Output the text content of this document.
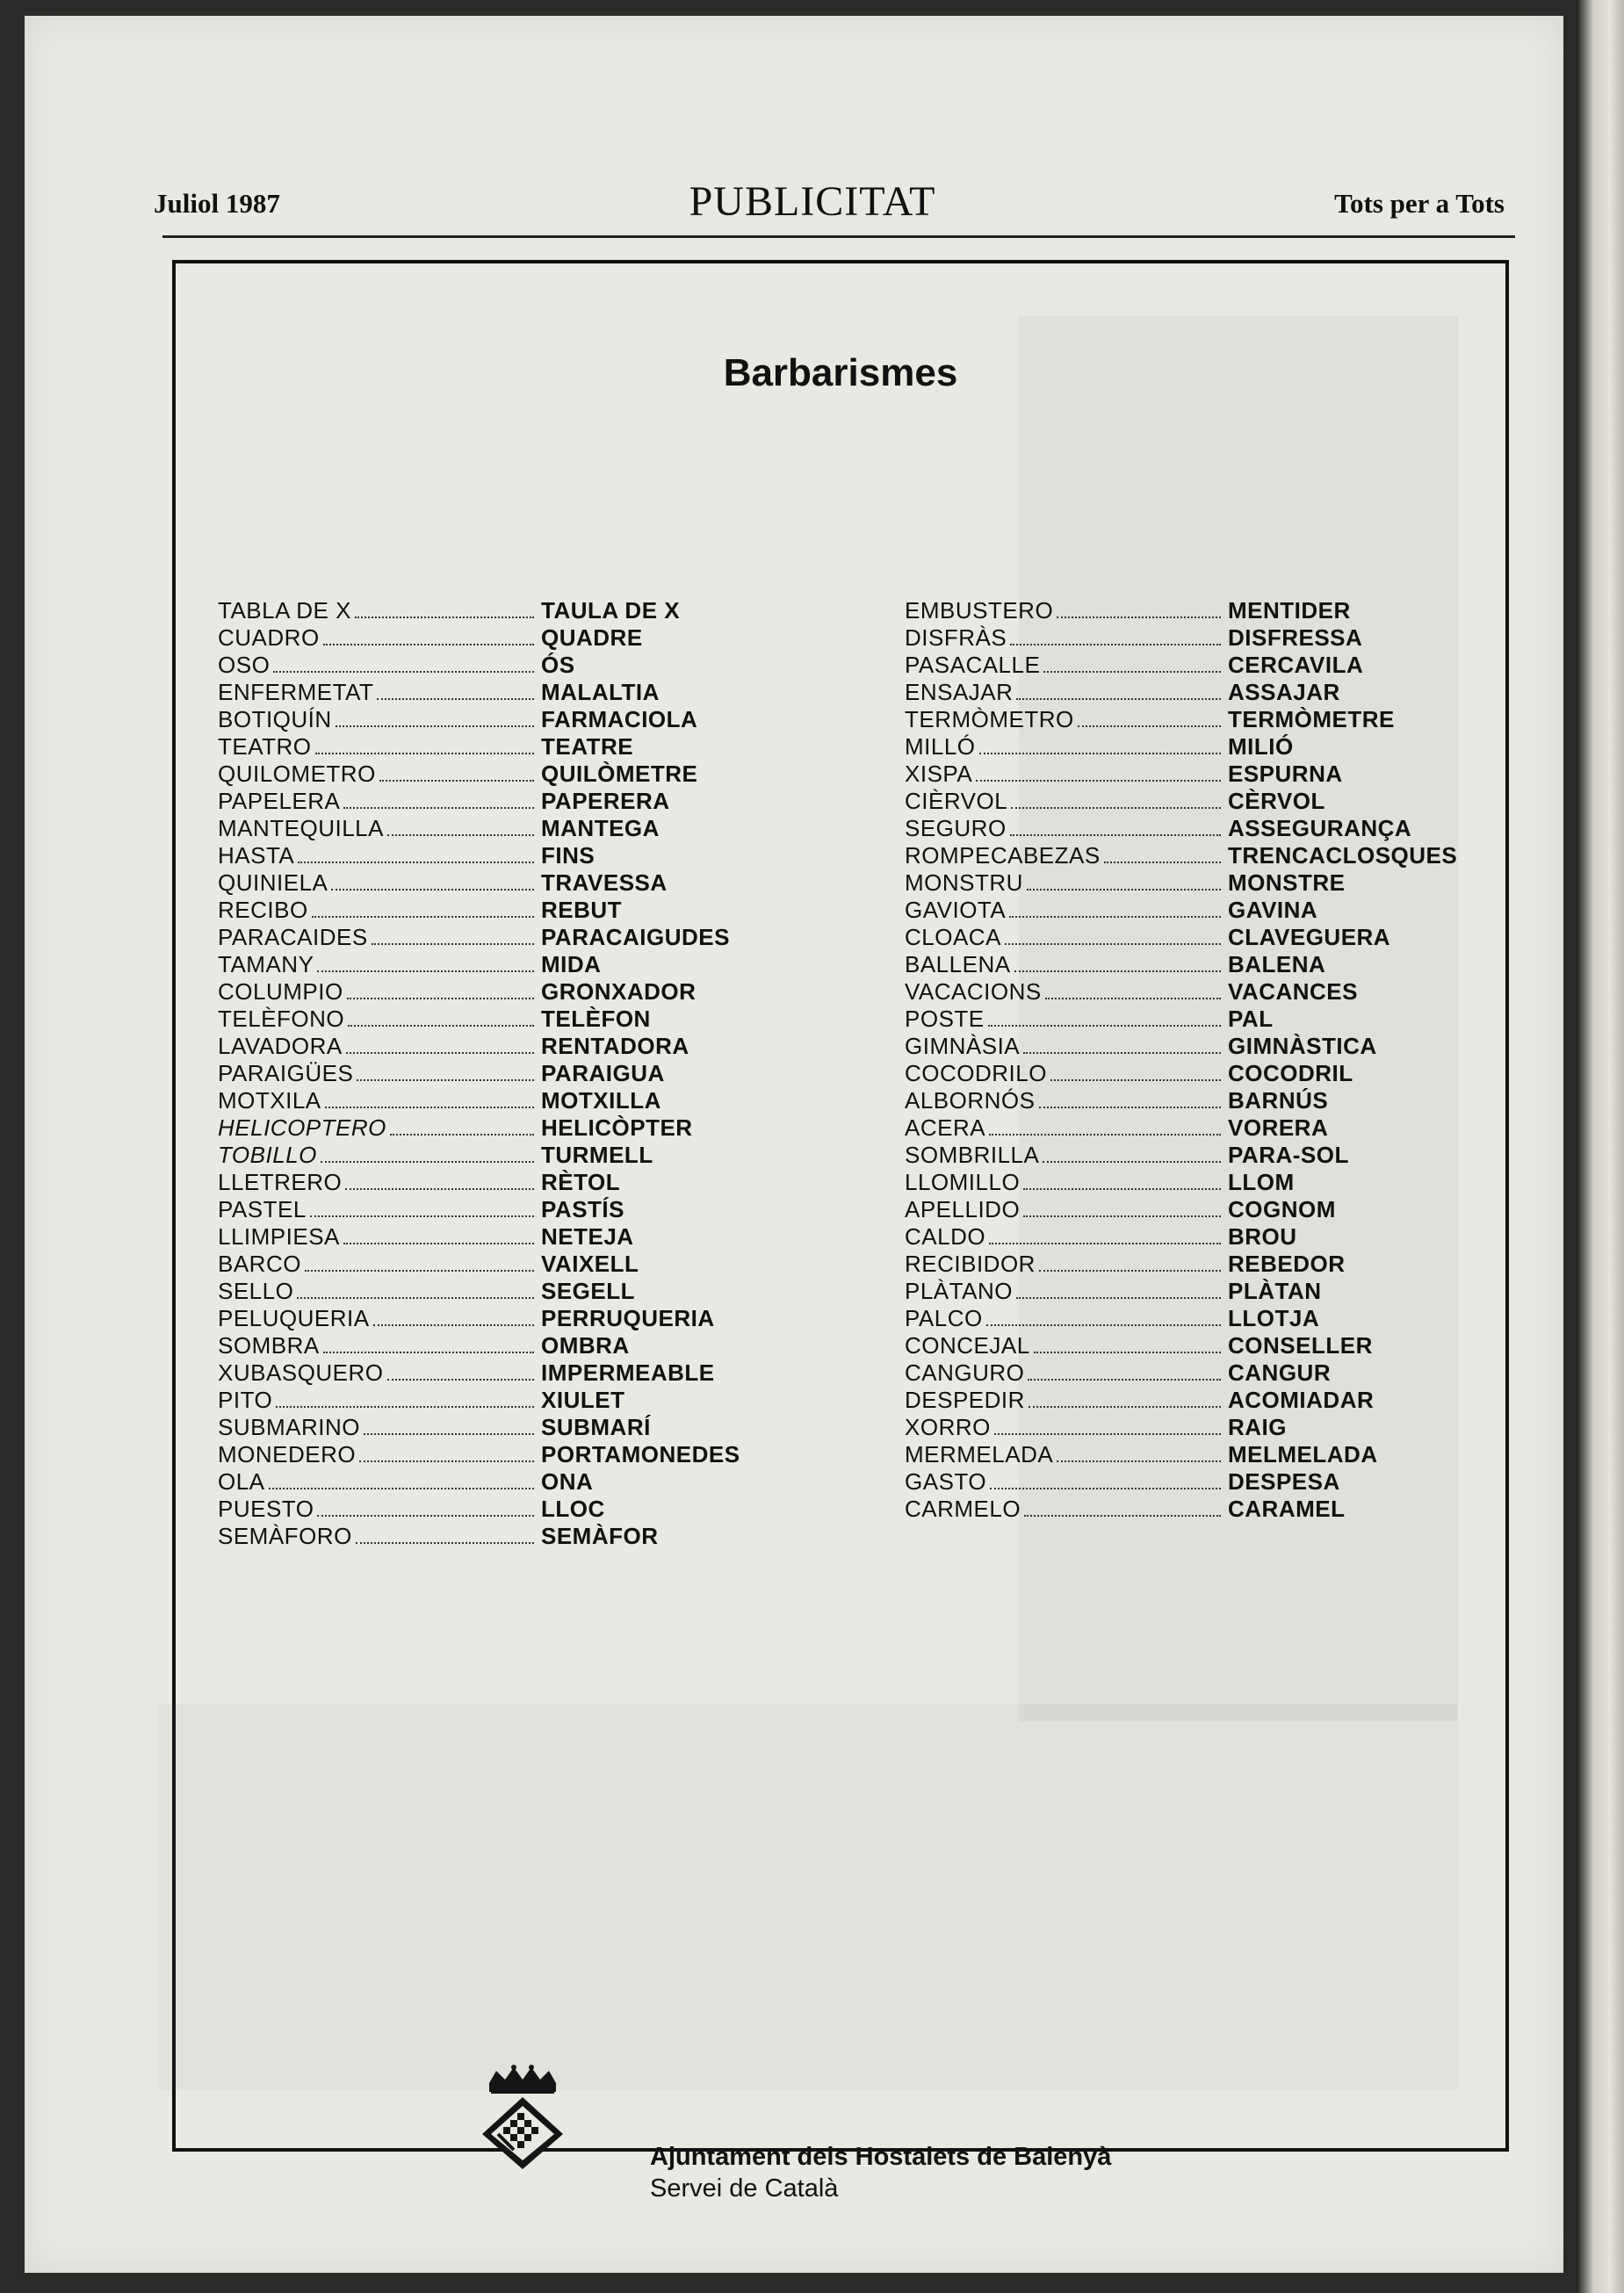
Juliol 1987	PUBLICITAT	Tots per a Tots
Barbarismes
TABLA DE X	TAULA DE X
CUADRO	QUADRE
OSO	ÓS
ENFERMETAT	MALALTIA
BOTIQUÍN	FARMACIOLA
TEATRO	TEATRE
QUILOMETRO	QUILÒMETRE
PAPELERA	PAPERERA
MANTEQUILLA	MANTEGA
HASTA	FINS
QUINIELA	TRAVESSA
RECIBO	REBUT
PARACAIDES	PARACAIGUDES
TAMANY	MIDA
COLUMPIO	GRONXADOR
TELÈFONO	TELÈFON
LAVADORA	RENTADORA
PARAIGÜES	PARAIGUA
MOTXILA	MOTXILLA
HELICOPTERO	HELICÒPTER
TOBILLO	TURMELL
LLETRERO	RÈTOL
PASTEL	PASTÍS
LLIMPIESA	NETEJA
BARCO	VAIXELL
SELLO	SEGELL
PELUQUERIA	PERRUQUERIA
SOMBRA	OMBRA
XUBASQUERO	IMPERMEABLE
PITO	XIULET
SUBMARINO	SUBMARÍ
MONEDERO	PORTAMONEDES
OLA	ONA
PUESTO	LLOC
SEMÀFORO	SEMÀFOR
EMBUSTERO	MENTIDER
DISFRÀS	DISFRESSA
PASACALLE	CERCAVILA
ENSAJAR	ASSAJAR
TERMÒMETRO	TERMÒMETRE
MILLÓ	MILIÓ
XISPA	ESPURNA
CIÈRVOL	CÈRVOL
SEGURO	ASSEGURANÇA
ROMPECABEZAS	TRENCACLOSQUES
MONSTRU	MONSTRE
GAVIOTA	GAVINA
CLOACA	CLAVEGUERA
BALLENA	BALENA
VACACIONS	VACANCES
POSTE	PAL
GIMNÀSIA	GIMNÀSTICA
COCODRILO	COCODRIL
ALBORNÓS	BARNÚS
ACERA	VORERA
SOMBRILLA	PARA-SOL
LLOMILLO	LLOM
APELLIDO	COGNOM
CALDO	BROU
RECIBIDOR	REBEDOR
PLÀTANO	PLÀTAN
PALCO	LLOTJA
CONCEJAL	CONSELLER
CANGURO	CANGUR
DESPEDIR	ACOMIADAR
XORRO	RAIG
MERMELADA	MELMELADA
GASTO	DESPESA
CARMELO	CARAMEL
Ajuntament dels Hostalets de Balenyà
Servei de Català
